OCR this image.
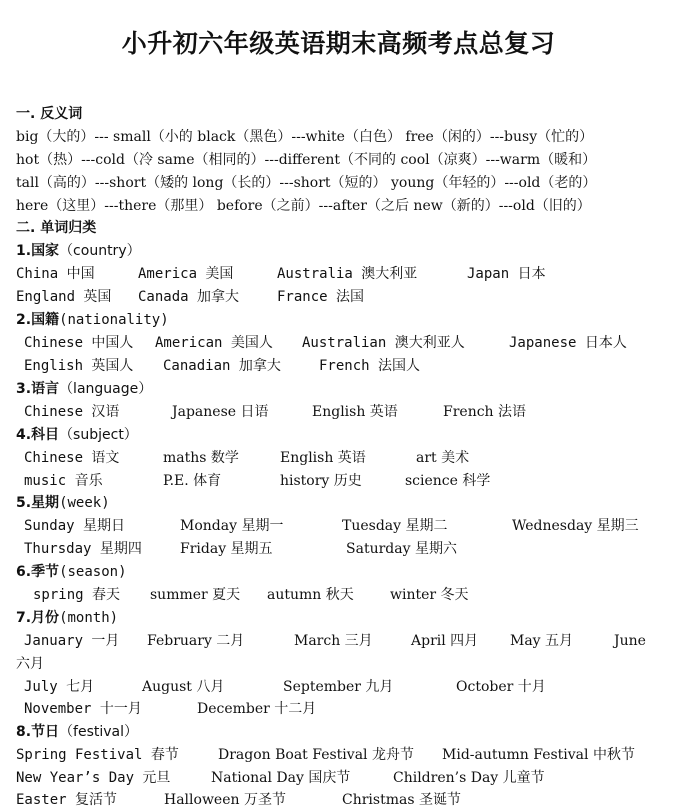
小升初六年级英语期末高频考点总复习
一. 反义词
big（大的）--- small（小的 black（黑色）---white（白色） free（闲的）---busy（忙的）
hot（热）---cold（冷 same（相同的）---different（不同的 cool（凉爽）---warm（暖和）
tall（高的）---short（矮的 long（长的）---short（短的） young（年轻的）---old（老的）
here（这里）---there（那里） before（之前）---after（之后 new（新的）---old（旧的）
二. 单词归类
1.国家（country）
China 中国	America 美国	Australia 澳大利亚	Japan 日本
England 英国 Canada 加拿大	France 法国
2.国籍(nationality)
Chinese 中国人 American 美国人 Australian 澳大利亚人	Japanese 日本人
English 英国人 Canadian 加拿大	French 法国人
3.语言（language）
Chinese 汉语	Japanese 日语	English 英语	French 法语
4.科目（subject）
Chinese 语文	maths 数学	English 英语	art 美术
music 音乐	P.E. 体育	history 历史	science 科学
5.星期(week)
Sunday 星期日	Monday 星期一	Tuesday 星期二	Wednesday 星期三
Thursday 星期四	Friday 星期五	Saturday 星期六
6.季节(season)
spring 春天 summer 夏天 autumn 秋天	winter 冬天
7.月份(month)
January 一月 February 二月	March 三月	April 四月 May 五月	June
六月
July 七月	August 八月	September 九月	October 十月
November 十一月	December 十二月
8.节日（festival）
Spring Festival 春节	Dragon Boat Festival 龙舟节 Mid-autumn Festival 中秋节
New Year’s Day 元旦	National Day 国庆节	Children’s Day 儿童节
Easter 复活节	Halloween 万圣节	Christmas 圣诞节
